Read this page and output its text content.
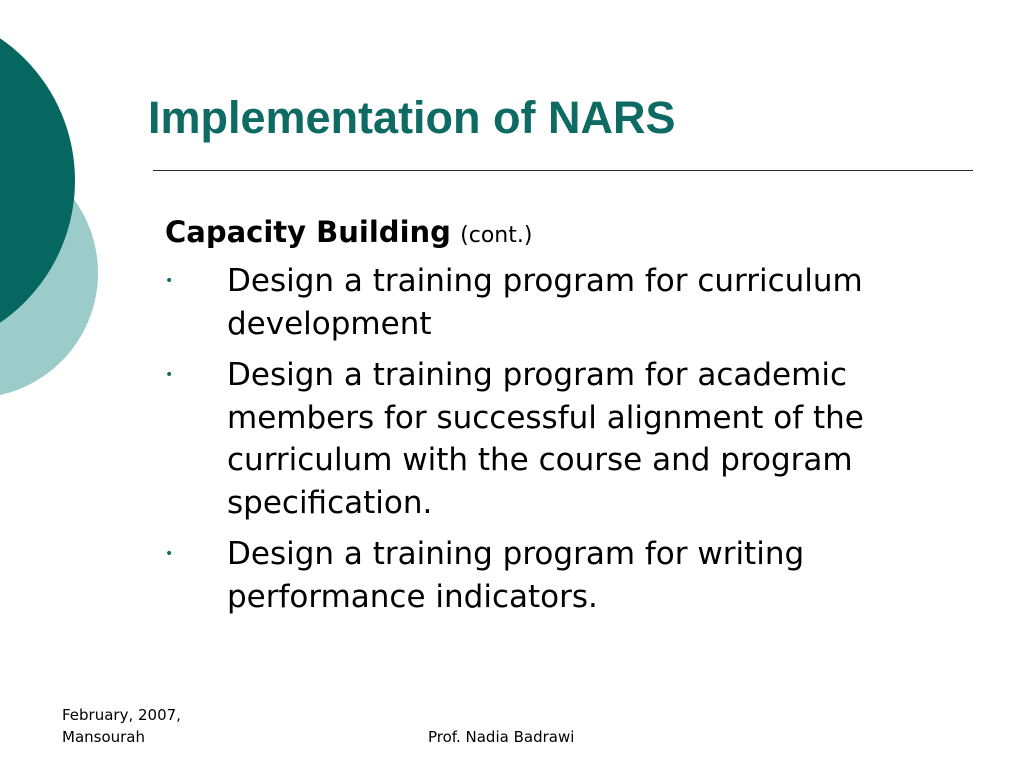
Implementation of NARS
Capacity Building (cont.)
• Design a training program for curriculum development
• Design a training program for academic members for successful alignment of the curriculum with the course and program specification.
• Design a training program for writing performance indicators.
February, 2007,
Mansourah	Prof. Nadia Badrawi
